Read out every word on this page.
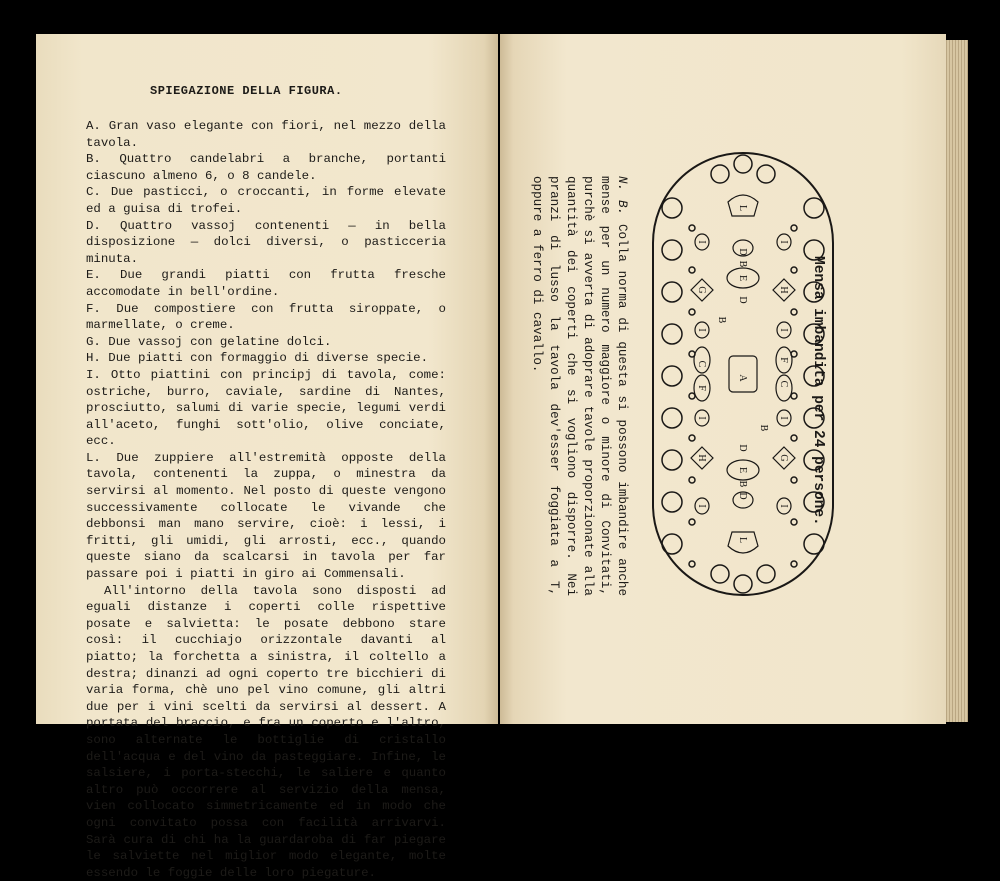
SPIEGAZIONE DELLA FIGURA.

A. Gran vaso elegante con fiori, nel mezzo della tavola.

B. Quattro candelabri a branche, portanti ciascuno almeno 6, o 8 candele.

C. Due pasticci, o croccanti, in forme elevate ed a guisa di trofei.

D. Quattro vassoj contenenti — in bella disposizione — dolci diversi, o pasticceria minuta.

E. Due grandi piatti con frutta fresche accomodate in bell'ordine.

F. Due compostiere con frutta siroppate, o marmellate, o creme.

G. Due vassoj con gelatine dolci.

H. Due piatti con formaggio di diverse specie.

I. Otto piattini con principj di tavola, come: ostriche, burro, caviale, sardine di Nantes, prosciutto, salumi di varie specie, legumi verdi all'aceto, funghi sott'olio, olive conciate, ecc.

L. Due zuppiere all'estremità opposte della tavola, contenenti la zuppa, o minestra da servirsi al momento. Nel posto di queste vengono successivamente collocate le vivande che debbonsi man mano servire, cioè: i lessi, i fritti, gli umidi, gli arrosti, ecc., quando queste siano da scalcarsi in tavola per far passare poi i piatti in giro ai Commensali.

All'intorno della tavola sono disposti ad eguali distanze i coperti colle rispettive posate e salvietta: le posate debbono stare così: il cucchiajo orizzontale davanti al piatto; la forchetta a sinistra, il coltello a destra; dinanzi ad ogni coperto tre bicchieri di varia forma, chè uno pel vino comune, gli altri due per i vini scelti da servirsi al dessert. A portata del braccio, e fra un coperto e l'altro, sono alternate le bottiglie di cristallo dell'acqua e del vino da pasteggiare. Infine, le salsiere, i porta-stecchi, le saliere e quanto altro può occorrere al servizio della mensa, vien collocato simmetricamente ed in modo che ogni convitato possa con facilità arrivarvi. Sarà cura di chi ha la guardaroba di far piegare le salviette nel miglior modo elegante, molte essendo le foggie delle loro piegature.

Mensa imbandita per 24 persone.
N. B. Colla norma di questa si possono imbandire anche mense per un numero maggiore o minore di Convitati, purchè si avverta di adoprare tavole proporzionate alla quantità dei coperti che si vogliono disporre. Nei pranzi di lusso la tavola dev'esser foggiata a T, oppure a ferro di cavallo.
A
B
B
B
B
C
C
D
D
D
D
E
E
F
F
G
G
H
H
I	I
I	I
I	I
I	I
L
L
